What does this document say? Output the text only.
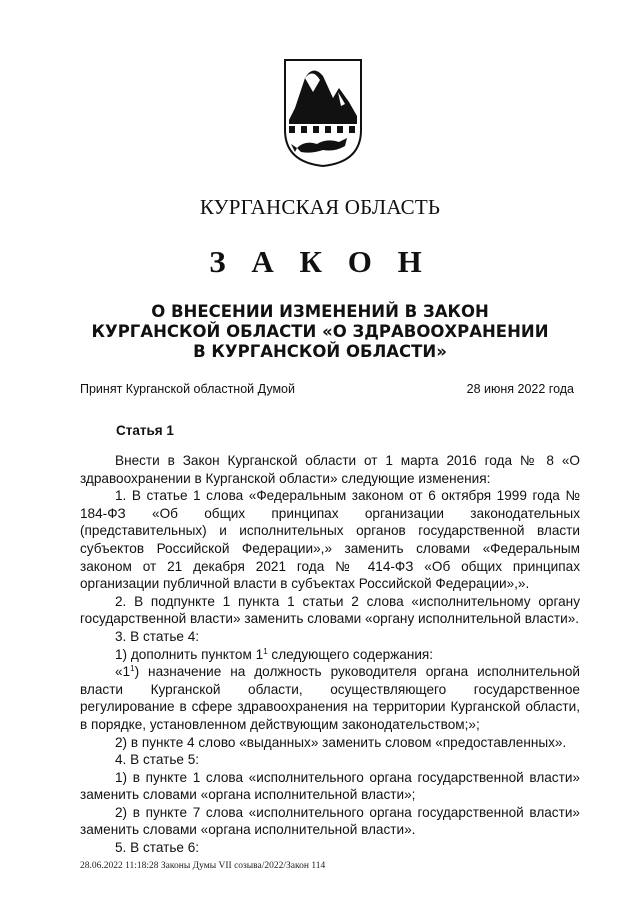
КУРГАНСКАЯ ОБЛАСТЬ
З А К О Н
О ВНЕСЕНИИ ИЗМЕНЕНИЙ В ЗАКОН
КУРГАНСКОЙ ОБЛАСТИ «О ЗДРАВООХРАНЕНИИ
В КУРГАНСКОЙ ОБЛАСТИ»
Принят Курганской областной Думой	28 июня 2022 года
Статья 1

Внести в Закон Курганской области от 1 марта 2016 года № 8 «О здравоохранении в Курганской области» следующие изменения:

1. В статье 1 слова «Федеральным законом от 6 октября 1999 года № 184-ФЗ «Об общих принципах организации законодательных (представительных) и исполнительных органов государственной власти субъектов Российской Федерации»,» заменить словами «Федеральным законом от 21 декабря 2021 года № 414-ФЗ «Об общих принципах организации публичной власти в субъектах Российской Федерации»,».

2. В подпункте 1 пункта 1 статьи 2 слова «исполнительному органу государственной власти» заменить словами «органу исполнительной власти».

3. В статье 4:

1) дополнить пунктом $1^1$ следующего содержания:

«$1^1$) назначение на должность руководителя органа исполнительной власти Курганской области, осуществляющего государственное регулирование в сфере здравоохранения на территории Курганской области, в порядке, установленном действующим законодательством;»;

2) в пункте 4 слово «выданных» заменить словом «предоставленных».

4. В статье 5:

1) в пункте 1 слова «исполнительного органа государственной власти» заменить словами «органа исполнительной власти»;

2) в пункте 7 слова «исполнительного органа государственной власти» заменить словами «органа исполнительной власти».

5. В статье 6:

28.06.2022 11:18:28 Законы Думы VII созыва/2022/Закон 114
